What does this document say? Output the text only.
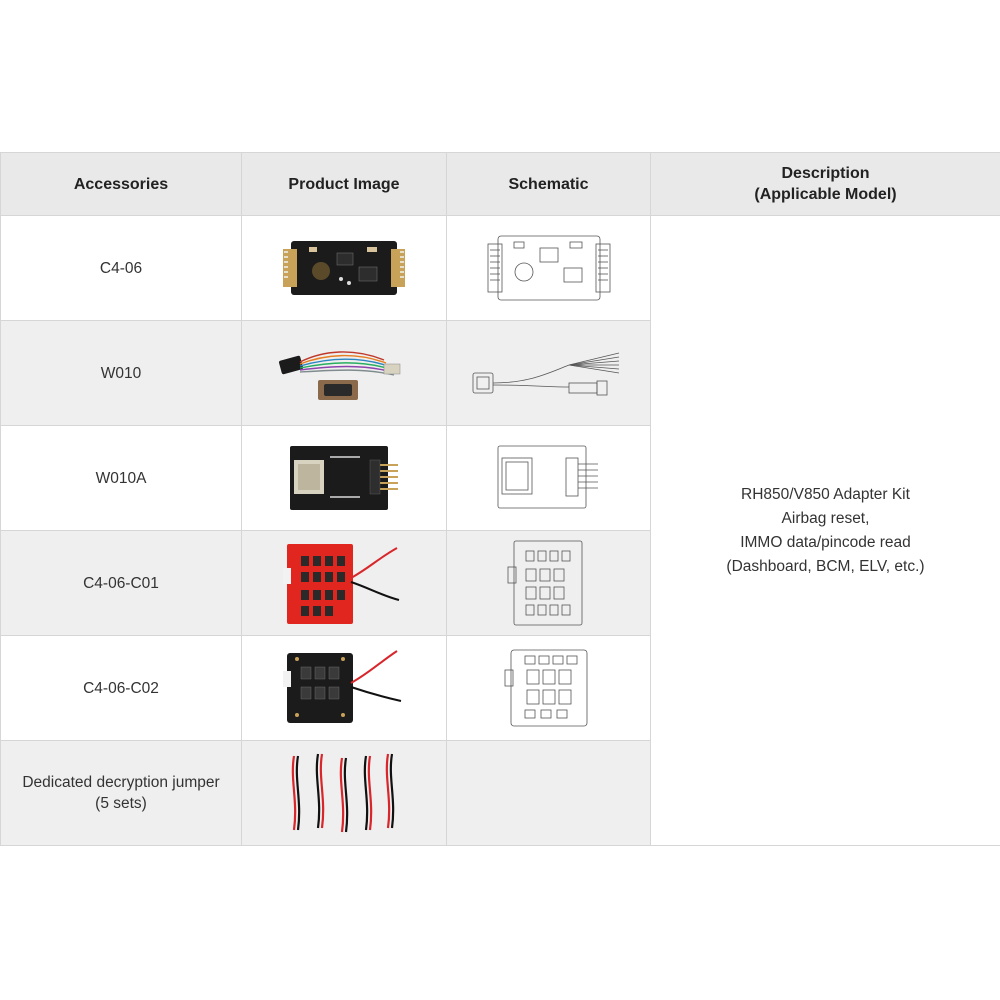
Accessories	Product Image	Schematic	Description
(Applicable Model)

C4-06			RH850/V850 Adapter Kit
Airbag reset,
IMMO data/pincode read
(Dashboard, BCM, ELV, etc.)

W010	

W010A	

C4-06-C01	

C4-06-C02	

Dedicated decryption jumper
(5 sets)
